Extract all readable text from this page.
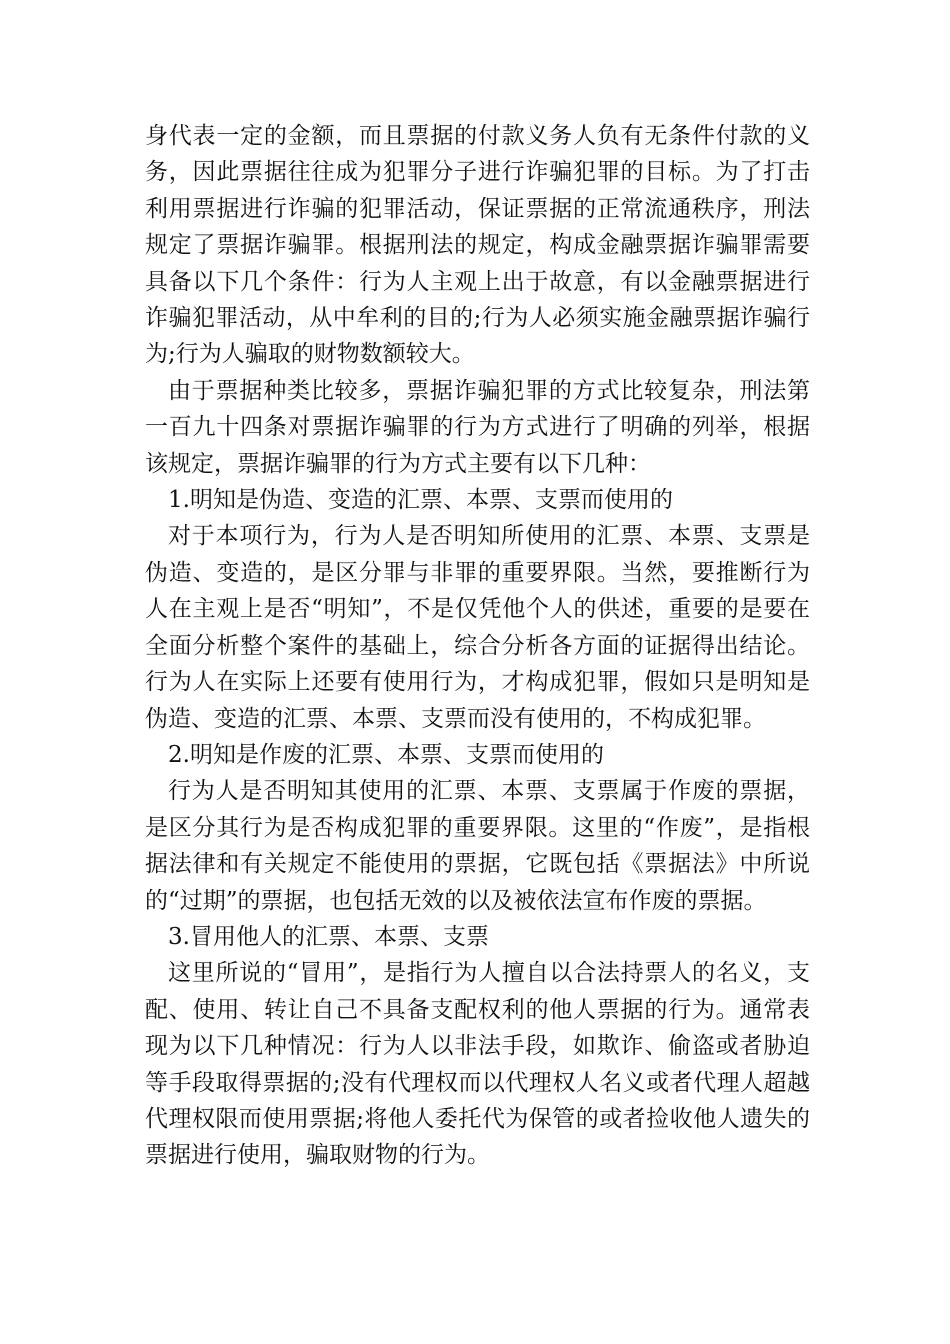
身代表一定的金额，而且票据的付款义务人负有无条件付款的义务，因此票据往往成为犯罪分子进行诈骗犯罪的目标。为了打击利用票据进行诈骗的犯罪活动，保证票据的正常流通秩序，刑法规定了票据诈骗罪。根据刑法的规定，构成金融票据诈骗罪需要具备以下几个条件：行为人主观上出于故意，有以金融票据进行诈骗犯罪活动，从中牟利的目的;行为人必须实施金融票据诈骗行为;行为人骗取的财物数额较大。

由于票据种类比较多，票据诈骗犯罪的方式比较复杂，刑法第一百九十四条对票据诈骗罪的行为方式进行了明确的列举，根据该规定，票据诈骗罪的行为方式主要有以下几种：

1.明知是伪造、变造的汇票、本票、支票而使用的

对于本项行为，行为人是否明知所使用的汇票、本票、支票是伪造、变造的，是区分罪与非罪的重要界限。当然，要推断行为人在主观上是否“明知”，不是仅凭他个人的供述，重要的是要在全面分析整个案件的基础上，综合分析各方面的证据得出结论。行为人在实际上还要有使用行为，才构成犯罪，假如只是明知是伪造、变造的汇票、本票、支票而没有使用的，不构成犯罪。

2.明知是作废的汇票、本票、支票而使用的

行为人是否明知其使用的汇票、本票、支票属于作废的票据，是区分其行为是否构成犯罪的重要界限。这里的“作废”，是指根据法律和有关规定不能使用的票据，它既包括《票据法》中所说的“过期”的票据，也包括无效的以及被依法宣布作废的票据。

3.冒用他人的汇票、本票、支票

这里所说的“冒用”，是指行为人擅自以合法持票人的名义，支配、使用、转让自己不具备支配权利的他人票据的行为。通常表现为以下几种情况：行为人以非法手段，如欺诈、偷盗或者胁迫等手段取得票据的;没有代理权而以代理权人名义或者代理人超越代理权限而使用票据;将他人委托代为保管的或者捡收他人遗失的票据进行使用，骗取财物的行为。
